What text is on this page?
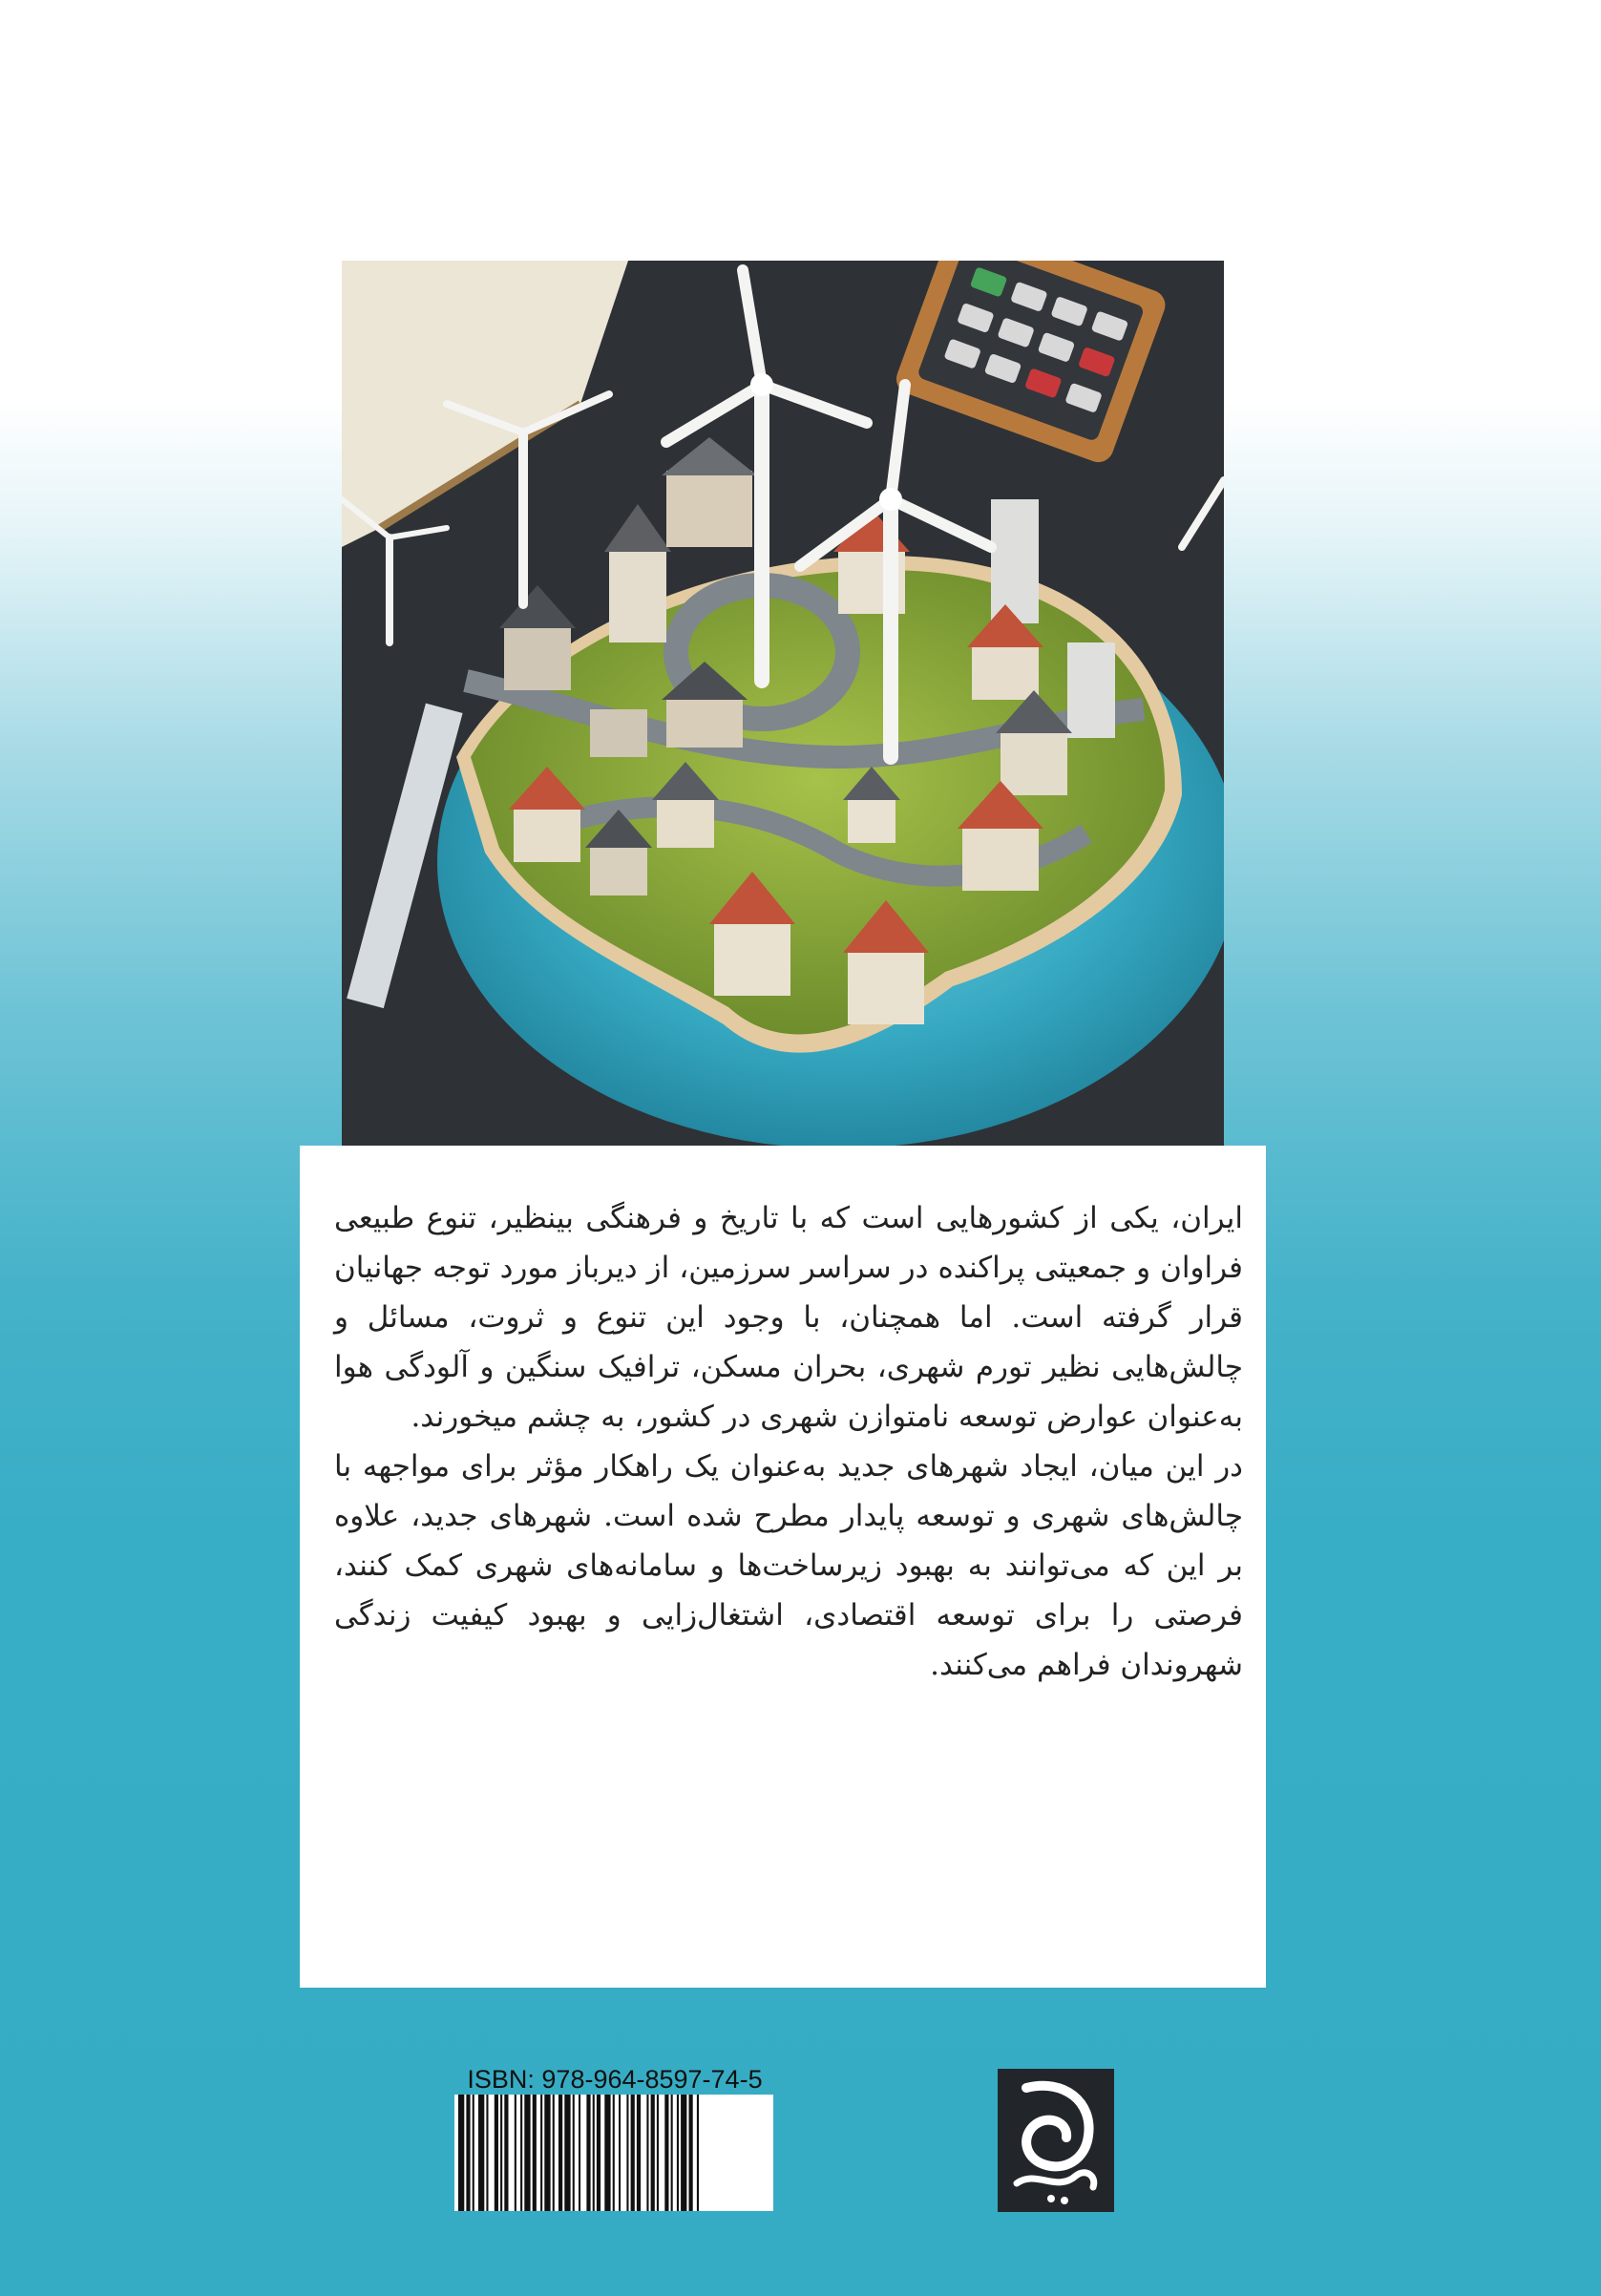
ایران، یکی از کشورهایی است که با تاریخ و فرهنگی بینظیر، تنوع طبیعی فراوان و جمعیتی پراکنده در سراسر سرزمین، از دیرباز مورد توجه جهانیان قرار گرفته است. اما همچنان، با وجود این تنوع و ثروت، مسائل و چالش‌هایی نظیر تورم شهری، بحران مسکن، ترافیک سنگین و آلودگی هوا به‌عنوان عوارض توسعه نامتوازن شهری در کشور، به چشم میخورند.

در این میان، ایجاد شهرهای جدید به‌عنوان یک راهکار مؤثر برای مواجهه با چالش‌های شهری و توسعه پایدار مطرح شده است. شهرهای جدید، علاوه بر این که می‌توانند به بهبود زیرساخت‌ها و سامانه‌های شهری کمک کنند، فرصتی را برای توسعه اقتصادی، اشتغال‌زایی و بهبود کیفیت زندگی شهروندان فراهم می‌کنند.

ISBN: 978-964-8597-74-5
